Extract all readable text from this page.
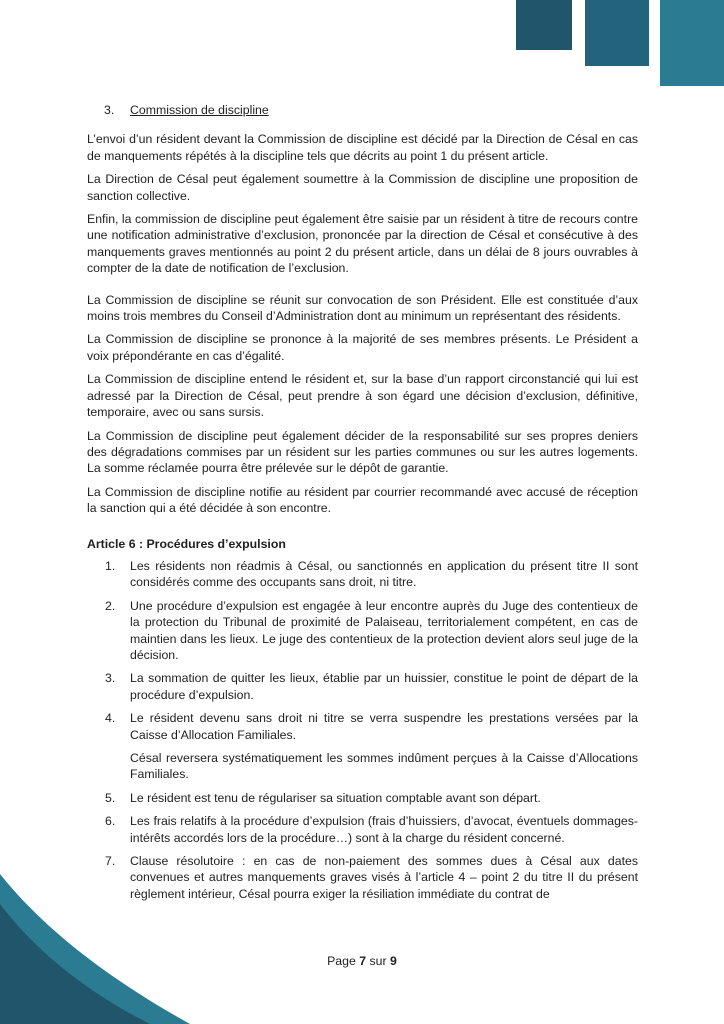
3.	Commission de discipline

L’envoi d’un résident devant la Commission de discipline est décidé par la Direction de Césal en cas de manquements répétés à la discipline tels que décrits au point 1 du présent article.

La Direction de Césal peut également soumettre à la Commission de discipline une proposition de sanction collective.

Enfin, la commission de discipline peut également être saisie par un résident à titre de recours contre une notification administrative d’exclusion, prononcée par la direction de Césal et consécutive à des manquements graves mentionnés au point 2 du présent article, dans un délai de 8 jours ouvrables à compter de la date de notification de l’exclusion.

La Commission de discipline se réunit sur convocation de son Président. Elle est constituée d’aux moins trois membres du Conseil d’Administration dont au minimum un représentant des résidents.

La Commission de discipline se prononce à la majorité de ses membres présents. Le Président a voix prépondérante en cas d’égalité.

La Commission de discipline entend le résident et, sur la base d’un rapport circonstancié qui lui est adressé par la Direction de Césal, peut prendre à son égard une décision d’exclusion, définitive, temporaire, avec ou sans sursis.

La Commission de discipline peut également décider de la responsabilité sur ses propres deniers des dégradations commises par un résident sur les parties communes ou sur les autres logements. La somme réclamée pourra être prélevée sur le dépôt de garantie.

La Commission de discipline notifie au résident par courrier recommandé avec accusé de réception la sanction qui a été décidée à son encontre.

Article 6 : Procédures d’expulsion
1.	Les résidents non réadmis à Césal, ou sanctionnés en application du présent titre II sont considérés comme des occupants sans droit, ni titre.

2.	Une procédure d’expulsion est engagée à leur encontre auprès du Juge des contentieux de la protection du Tribunal de proximité de Palaiseau, territorialement compétent, en cas de maintien dans les lieux. Le juge des contentieux de la protection devient alors seul juge de la décision.

3.	La sommation de quitter les lieux, établie par un huissier, constitue le point de départ de la procédure d’expulsion.

4.	Le résident devenu sans droit ni titre se verra suspendre les prestations versées par la Caisse d’Allocation Familiales.

Césal reversera systématiquement les sommes indûment perçues à la Caisse d’Allocations Familiales.

5.	Le résident est tenu de régulariser sa situation comptable avant son départ.

6.	Les frais relatifs à la procédure d’expulsion (frais d’huissiers, d’avocat, éventuels dommages-intérêts accordés lors de la procédure…) sont à la charge du résident concerné.

7.	Clause résolutoire : en cas de non-paiement des sommes dues à Césal aux dates convenues et autres manquements graves visés à l’article 4 – point 2 du titre II du présent règlement intérieur, Césal pourra exiger la résiliation immédiate du contrat de

Page 7 sur 9
